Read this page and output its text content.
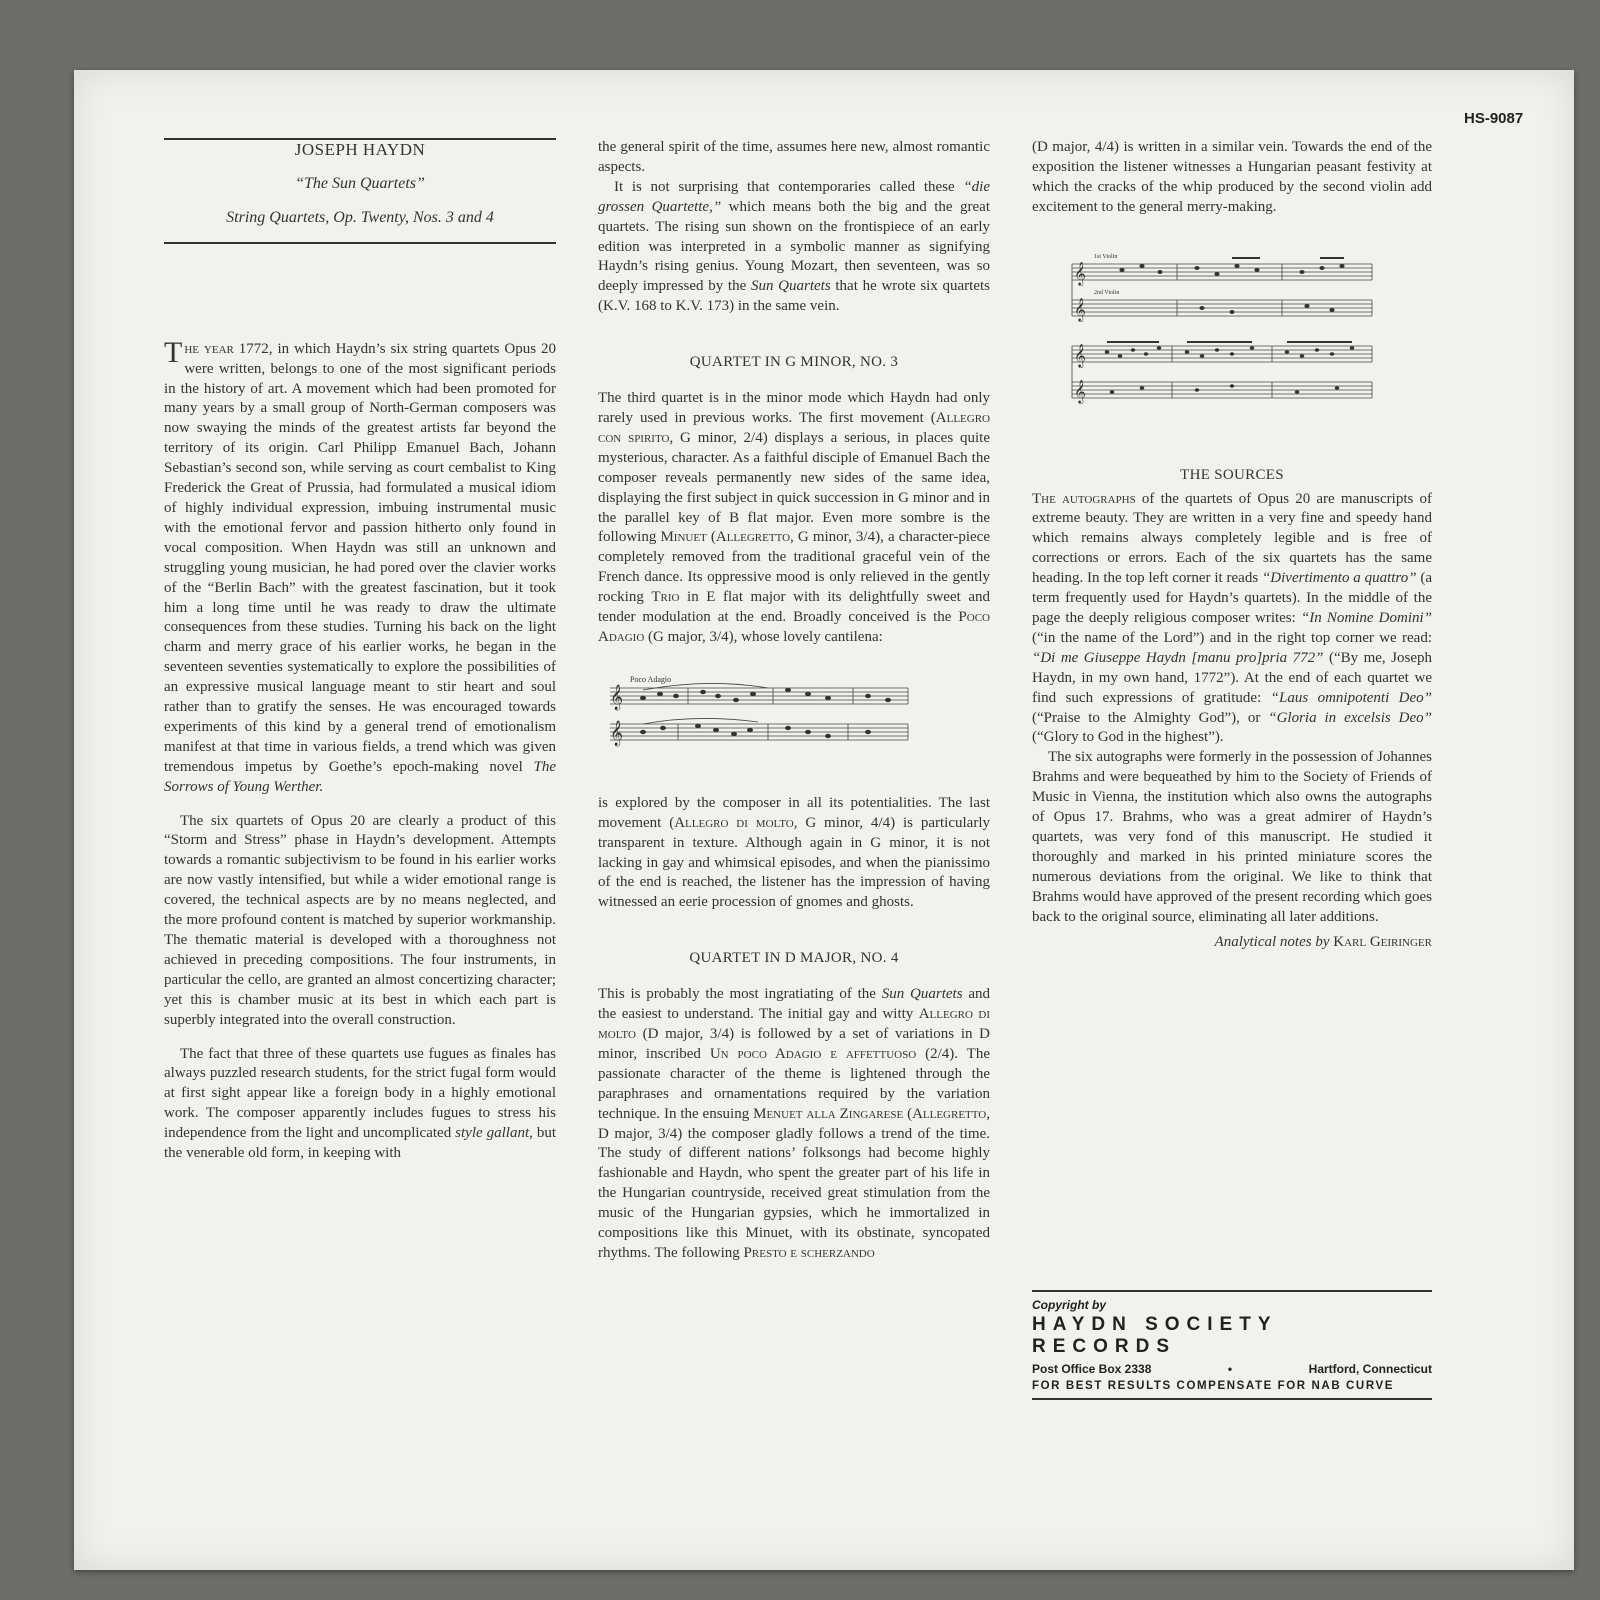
HS-9087

JOSEPH HAYDN

“The Sun Quartets”

String Quartets, Op. Twenty, Nos. 3 and 4

The year 1772, in which Haydn’s six string quartets Opus 20 were written, belongs to one of the most significant periods in the history of art. A movement which had been promoted for many years by a small group of North-German composers was now swaying the minds of the greatest artists far beyond the territory of its origin. Carl Philipp Emanuel Bach, Johann Sebastian’s second son, while serving as court cembalist to King Frederick the Great of Prussia, had formulated a musical idiom of highly individual expression, imbuing instrumental music with the emotional fervor and passion hitherto only found in vocal composition. When Haydn was still an unknown and struggling young musician, he had pored over the clavier works of the “Berlin Bach” with the greatest fascination, but it took him a long time until he was ready to draw the ultimate consequences from these studies. Turning his back on the light charm and merry grace of his earlier works, he began in the seventeen seventies systematically to explore the possibilities of an expressive musical language meant to stir heart and soul rather than to gratify the senses. He was encouraged towards experiments of this kind by a general trend of emotionalism manifest at that time in various fields, a trend which was given tremendous impetus by Goethe’s epoch-making novel The Sorrows of Young Werther.

The six quartets of Opus 20 are clearly a product of this “Storm and Stress” phase in Haydn’s development. Attempts towards a romantic subjectivism to be found in his earlier works are now vastly intensified, but while a wider emotional range is covered, the technical aspects are by no means neglected, and the more profound content is matched by superior workmanship. The thematic material is developed with a thoroughness not achieved in preceding compositions. The four instruments, in particular the cello, are granted an almost concertizing character; yet this is chamber music at its best in which each part is superbly integrated into the overall construction.

The fact that three of these quartets use fugues as finales has always puzzled research students, for the strict fugal form would at first sight appear like a foreign body in a highly emotional work. The composer apparently includes fugues to stress his independence from the light and uncomplicated style gallant, but the venerable old form, in keeping with

the general spirit of the time, assumes here new, almost romantic aspects.

It is not surprising that contemporaries called these “die grossen Quartette,” which means both the big and the great quartets. The rising sun shown on the frontispiece of an early edition was interpreted in a symbolic manner as signifying Haydn’s rising genius. Young Mozart, then seventeen, was so deeply impressed by the Sun Quartets that he wrote six quartets (K.V. 168 to K.V. 173) in the same vein.

QUARTET IN G MINOR, NO. 3

The third quartet is in the minor mode which Haydn had only rarely used in previous works. The first movement (Allegro con spirito, G minor, 2/4) displays a serious, in places quite mysterious, character. As a faithful disciple of Emanuel Bach the composer reveals permanently new sides of the same idea, displaying the first subject in quick succession in G minor and in the parallel key of B flat major. Even more sombre is the following Minuet (Allegretto, G minor, 3/4), a character-piece completely removed from the traditional graceful vein of the French dance. Its oppressive mood is only relieved in the gently rocking Trio in E flat major with its delightfully sweet and tender modulation at the end. Broadly conceived is the Poco Adagio (G major, 3/4), whose lovely cantilena:

Poco Adagio
𝄞
𝄞

is explored by the composer in all its potentialities. The last movement (Allegro di molto, G minor, 4/4) is particularly transparent in texture. Although again in G minor, it is not lacking in gay and whimsical episodes, and when the pianissimo of the end is reached, the listener has the impression of having witnessed an eerie procession of gnomes and ghosts.

QUARTET IN D MAJOR, NO. 4

This is probably the most ingratiating of the Sun Quartets and the easiest to understand. The initial gay and witty Allegro di molto (D major, 3/4) is followed by a set of variations in D minor, inscribed Un poco Adagio e affettuoso (2/4). The passionate character of the theme is lightened through the paraphrases and ornamentations required by the variation technique. In the ensuing Menuet alla Zingarese (Allegretto, D major, 3/4) the composer gladly follows a trend of the time. The study of different nations’ folksongs had become highly fashionable and Haydn, who spent the greater part of his life in the Hungarian countryside, received great stimulation from the music of the Hungarian gypsies, which he immortalized in compositions like this Minuet, with its obstinate, syncopated rhythms. The following Presto e scherzando

(D major, 4/4) is written in a similar vein. Towards the end of the exposition the listener witnesses a Hungarian peasant festivity at which the cracks of the whip produced by the second violin add excitement to the general merry-making.

1st Violin
2nd Violin
𝄞
𝄞
𝄞
𝄞
THE SOURCES

The autographs of the quartets of Opus 20 are manuscripts of extreme beauty. They are written in a very fine and speedy hand which remains always completely legible and is free of corrections or errors. Each of the six quartets has the same heading. In the top left corner it reads “Divertimento a quattro” (a term frequently used for Haydn’s quartets). In the middle of the page the deeply religious composer writes: “In Nomine Domini” (“in the name of the Lord”) and in the right top corner we read: “Di me Giuseppe Haydn [manu pro]pria 772” (“By me, Joseph Haydn, in my own hand, 1772”). At the end of each quartet we find such expressions of gratitude: “Laus omnipotenti Deo” (“Praise to the Almighty God”), or “Gloria in excelsis Deo” (“Glory to God in the highest”).

The six autographs were formerly in the possession of Johannes Brahms and were bequeathed by him to the Society of Friends of Music in Vienna, the institution which also owns the autographs of Opus 17. Brahms, who was a great admirer of Haydn’s quartets, was very fond of this manuscript. He studied it thoroughly and marked in his printed miniature scores the numerous deviations from the original. We like to think that Brahms would have approved of the present recording which goes back to the original source, eliminating all later additions.

Analytical notes by Karl Geiringer

Copyright by
HAYDN SOCIETY RECORDS
Post Office Box 2338	•	Hartford, Connecticut
FOR BEST RESULTS COMPENSATE FOR NAB CURVE
